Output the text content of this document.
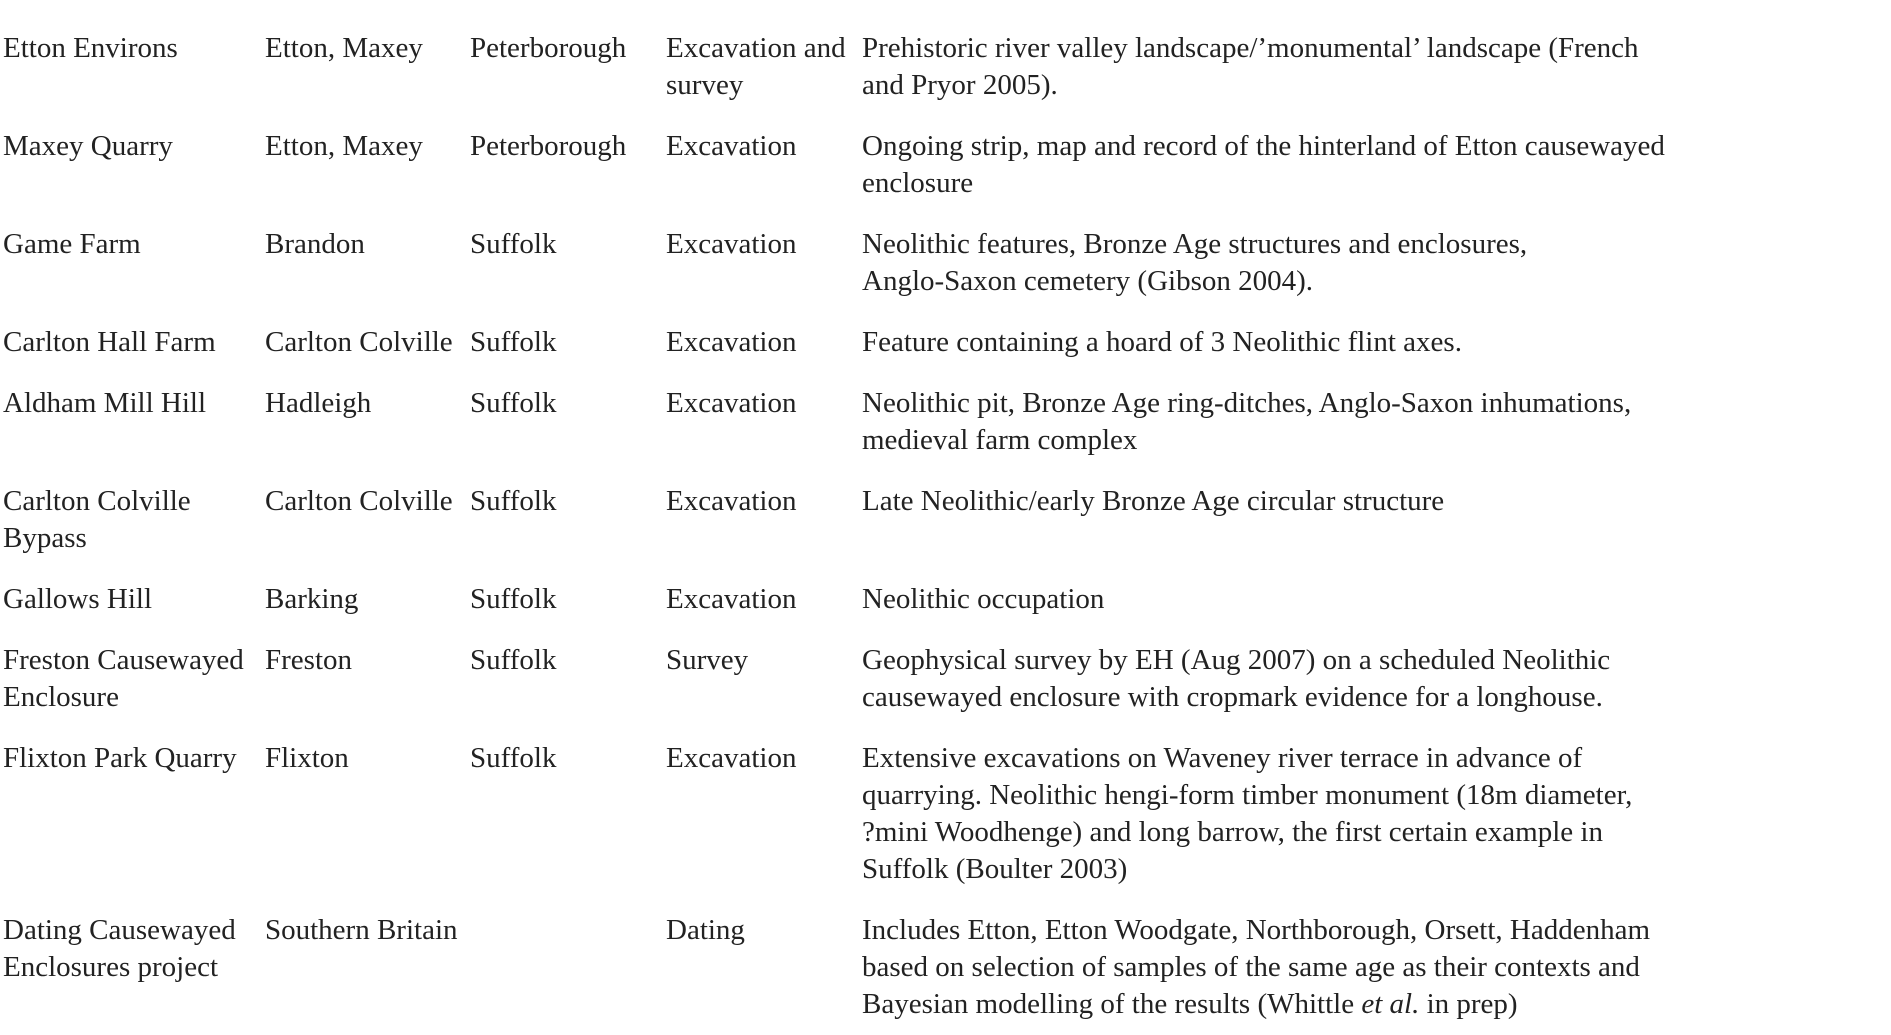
Etton Environs	Etton, Maxey	Peterborough	Excavation and survey	Prehistoric river valley landscape/’monumental’ landscape (French
and Pryor 2005).

Maxey Quarry	Etton, Maxey	Peterborough	Excavation	Ongoing strip, map and record of the hinterland of Etton causewayed
enclosure

Game Farm	Brandon	Suffolk	Excavation	Neolithic features, Bronze Age structures and enclosures,
Anglo-Saxon cemetery (Gibson 2004).

Carlton Hall Farm	Carlton Colville	Suffolk	Excavation	Feature containing a hoard of 3 Neolithic flint axes.

Aldham Mill Hill	Hadleigh	Suffolk	Excavation	Neolithic pit, Bronze Age ring-ditches, Anglo-Saxon inhumations,
medieval farm complex

Carlton Colville Bypass	Carlton Colville	Suffolk	Excavation	Late Neolithic/early Bronze Age circular structure

Gallows Hill	Barking	Suffolk	Excavation	Neolithic occupation

Freston Causewayed Enclosure	Freston	Suffolk	Survey	Geophysical survey by EH (Aug 2007) on a scheduled Neolithic
causewayed enclosure with cropmark evidence for a longhouse.

Flixton Park Quarry	Flixton	Suffolk	Excavation	Extensive excavations on Waveney river terrace in advance of
quarrying. Neolithic hengi-form timber monument (18m diameter,
?mini Woodhenge) and long barrow, the first certain example in
Suffolk (Boulter 2003)

Dating Causewayed Enclosures project	Southern Britain		Dating	Includes Etton, Etton Woodgate, Northborough, Orsett, Haddenham
based on selection of samples of the same age as their contexts and
Bayesian modelling of the results (Whittle et al. in prep)
